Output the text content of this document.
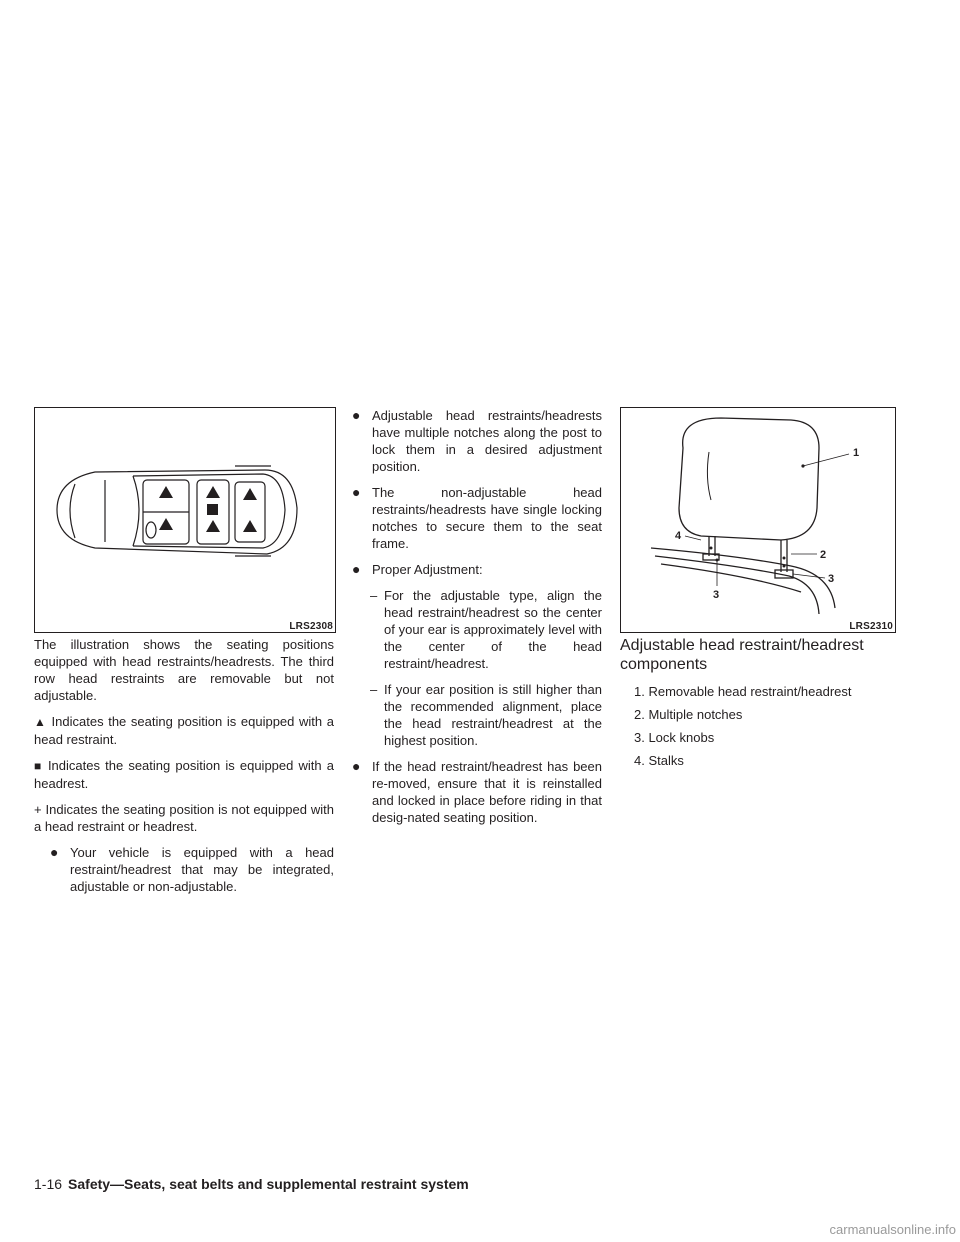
LRS2308

The illustration shows the seating positions equipped with head restraints/headrests. The third row head restraints are removable but not adjustable.

▲ Indicates the seating position is equipped with a head restraint.

■ Indicates the seating position is equipped with a headrest.

+ Indicates the seating position is not equipped with a head restraint or headrest.

● Your vehicle is equipped with a head restraint/headrest that may be integrated, adjustable or non-adjustable.
● Adjustable head restraints/headrests have multiple notches along the post to lock them in a desired adjustment position.
● The non-adjustable head restraints/headrests have single locking notches to secure them to the seat frame.
● Proper Adjustment:
– For the adjustable type, align the head restraint/headrest so the center of your ear is approximately level with the center of the head restraint/headrest.
– If your ear position is still higher than the recommended alignment, place the head restraint/headrest at the highest position.
● If the head restraint/headrest has been re-moved, ensure that it is reinstalled and locked in place before riding in that desig-nated seating position.
1
2
3
4
3
LRS2310
Adjustable head restraint/headrest components
1. Removable head restraint/headrest
2. Multiple notches
3. Lock knobs
4. Stalks
1-16 Safety—Seats, seat belts and supplemental restraint system
carmanualsonline.info
